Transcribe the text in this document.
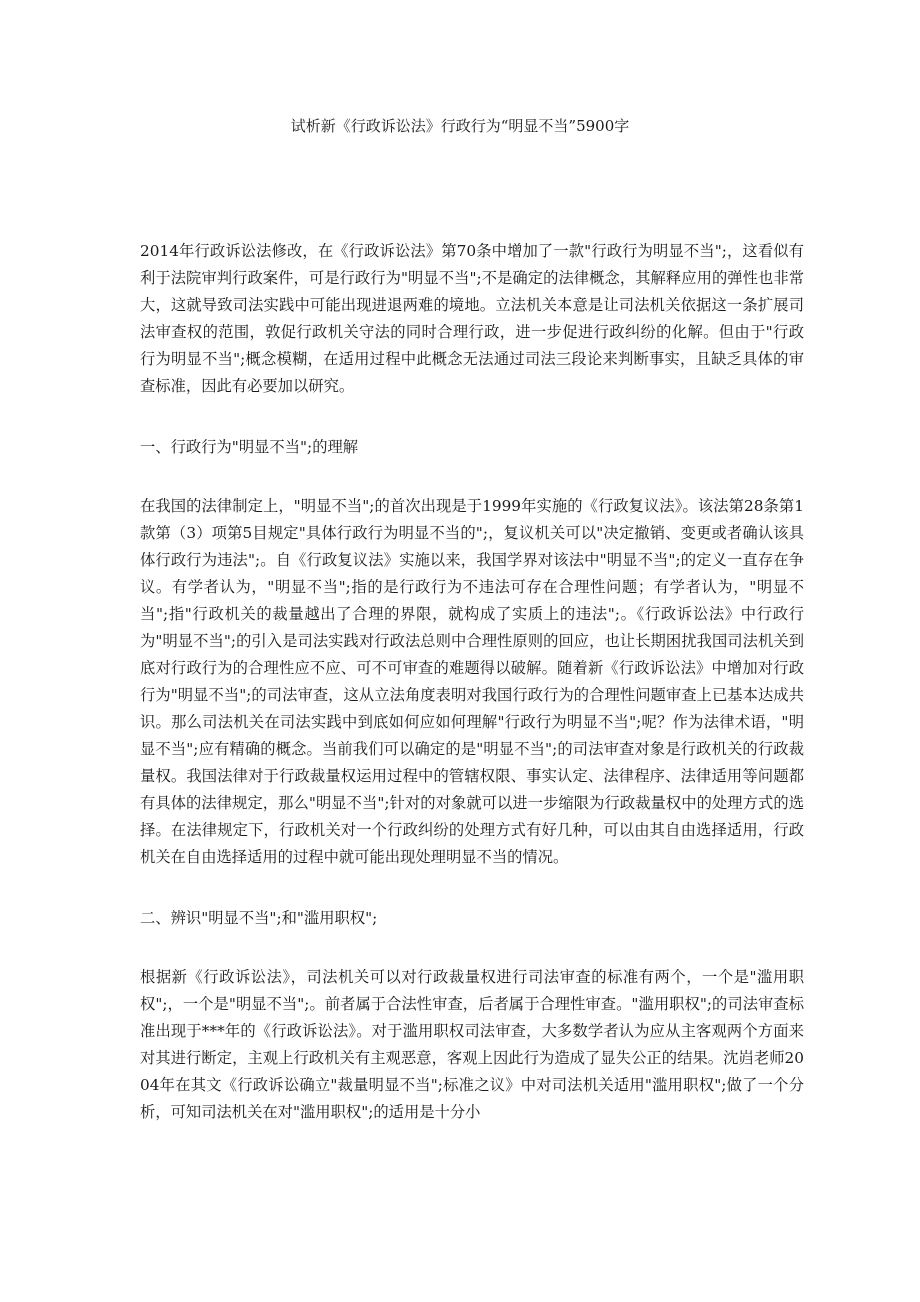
试析新《行政诉讼法》行政行为“明显不当”5900字

2014年行政诉讼法修改，在《行政诉讼法》第70条中增加了一款"行政行为明显不当";，这看似有利于法院审判行政案件，可是行政行为"明显不当";不是确定的法律概念，其解释应用的弹性也非常大，这就导致司法实践中可能出现进退两难的境地。立法机关本意是让司法机关依据这一条扩展司法审查权的范围，敦促行政机关守法的同时合理行政，进一步促进行政纠纷的化解。但由于"行政行为明显不当";概念模糊，在适用过程中此概念无法通过司法三段论来判断事实，且缺乏具体的审查标准，因此有必要加以研究。

一、行政行为"明显不当";的理解

在我国的法律制定上，"明显不当";的首次出现是于1999年实施的《行政复议法》。该法第28条第1款第（3）项第5目规定"具体行政行为明显不当的";，复议机关可以"决定撤销、变更或者确认该具体行政行为违法";。自《行政复议法》实施以来，我国学界对该法中"明显不当";的定义一直存在争议。有学者认为，"明显不当";指的是行政行为不违法可存在合理性问题；有学者认为，"明显不当";指"行政机关的裁量越出了合理的界限，就构成了实质上的违法";。《行政诉讼法》中行政行为"明显不当";的引入是司法实践对行政法总则中合理性原则的回应，也让长期困扰我国司法机关到底对行政行为的合理性应不应、可不可审查的难题得以破解。随着新《行政诉讼法》中增加对行政行为"明显不当";的司法审查，这从立法角度表明对我国行政行为的合理性问题审查上已基本达成共识。那么司法机关在司法实践中到底如何应如何理解"行政行为明显不当";呢？作为法律术语，"明显不当";应有精确的概念。当前我们可以确定的是"明显不当";的司法审查对象是行政机关的行政裁量权。我国法律对于行政裁量权运用过程中的管辖权限、事实认定、法律程序、法律适用等问题都有具体的法律规定，那么"明显不当";针对的对象就可以进一步缩限为行政裁量权中的处理方式的选择。在法律规定下，行政机关对一个行政纠纷的处理方式有好几种，可以由其自由选择适用，行政机关在自由选择适用的过程中就可能出现处理明显不当的情况。

二、辨识"明显不当";和"滥用职权";

根据新《行政诉讼法》，司法机关可以对行政裁量权进行司法审查的标准有两个，一个是"滥用职权";，一个是"明显不当";。前者属于合法性审查，后者属于合理性审查。"滥用职权";的司法审查标准出现于***年的《行政诉讼法》。对于滥用职权司法审查，大多数学者认为应从主客观两个方面来对其进行断定，主观上行政机关有主观恶意，客观上因此行为造成了显失公正的结果。沈岿老师2004年在其文《行政诉讼确立"裁量明显不当";标准之议》中对司法机关适用"滥用职权";做了一个分析，可知司法机关在对"滥用职权";的适用是十分小
